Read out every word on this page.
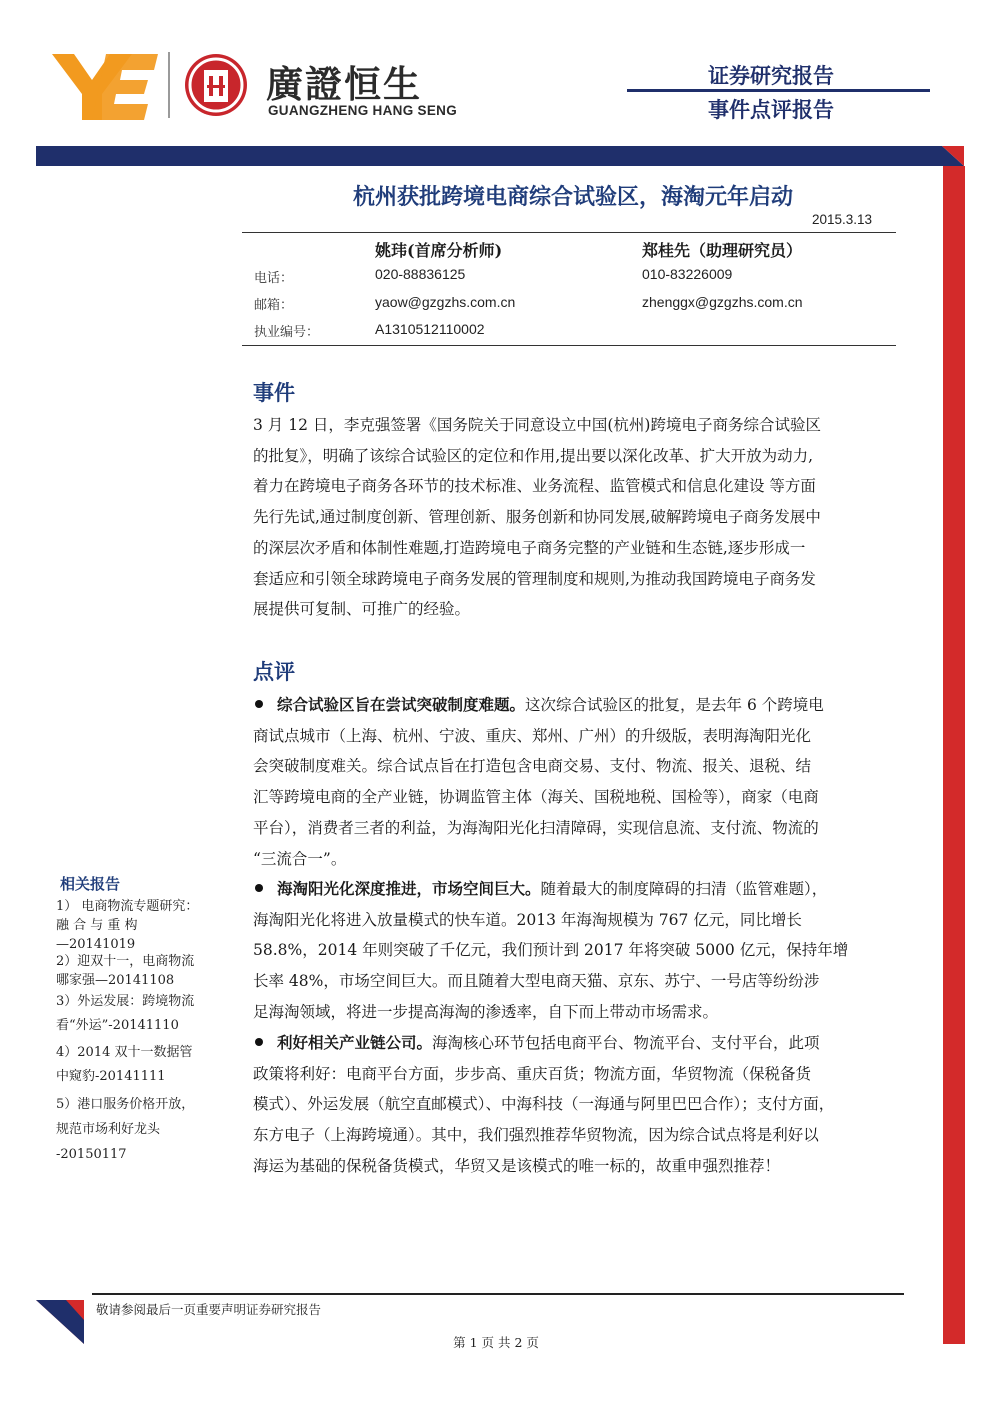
廣證恒生
GUANGZHENG HANG SENG
证券研究报告
事件点评报告
杭州获批跨境电商综合试验区，海淘元年启动
2015.3.13
姚玮(首席分析师)	郑桂先（助理研究员）
电话：	020-88836125	010-83226009
邮箱：	yaow@gzgzhs.com.cn	zhenggx@gzgzhs.com.cn
执业编号：	A1310512110002
事件

3 月 12 日，李克强签署《国务院关于同意设立中国(杭州)跨境电子商务综合试验区
的批复》，明确了该综合试验区的定位和作用,提出要以深化改革、扩大开放为动力,
着力在跨境电子商务各环节的技术标准、业务流程、监管模式和信息化建设 等方面
先行先试,通过制度创新、管理创新、服务创新和协同发展,破解跨境电子商务发展中
的深层次矛盾和体制性难题,打造跨境电子商务完整的产业链和生态链,逐步形成一
套适应和引领全球跨境电子商务发展的管理制度和规则,为推动我国跨境电子商务发
展提供可复制、可推广的经验。

点评

综合试验区旨在尝试突破制度难题。这次综合试验区的批复，是去年 6 个跨境电
商试点城市（上海、杭州、宁波、重庆、郑州、广州）的升级版，表明海淘阳光化
会突破制度难关。综合试点旨在打造包含电商交易、支付、物流、报关、退税、结
汇等跨境电商的全产业链，协调监管主体（海关、国税地税、国检等），商家（电商
平台），消费者三者的利益，为海淘阳光化扫清障碍，实现信息流、支付流、物流的
“三流合一”。

海淘阳光化深度推进，市场空间巨大。随着最大的制度障碍的扫清（监管难题），
海淘阳光化将进入放量模式的快车道。2013 年海淘规模为 767 亿元，同比增长
58.8%，2014 年则突破了千亿元，我们预计到 2017 年将突破 5000 亿元，保持年增
长率 48%，市场空间巨大。而且随着大型电商天猫、京东、苏宁、一号店等纷纷涉
足海淘领域，将进一步提高海淘的渗透率，自下而上带动市场需求。

利好相关产业链公司。海淘核心环节包括电商平台、物流平台、支付平台，此项
政策将利好：电商平台方面，步步高、重庆百货；物流方面，华贸物流（保税备货
模式）、外运发展（航空直邮模式）、中海科技（一海通与阿里巴巴合作）；支付方面，
东方电子（上海跨境通）。其中，我们强烈推荐华贸物流，因为综合试点将是利好以
海运为基础的保税备货模式，华贸又是该模式的唯一标的，故重申强烈推荐！

相关报告
1） 电商物流专题研究：
融 合 与 重 构
—20141019
2）迎双十一，电商物流
哪家强—20141108
3）外运发展：跨境物流
看“外运”-20141110
4）2014 双十一数据管
中窥豹-20141111
5）港口服务价格开放，
规范市场利好龙头
-20150117
敬请参阅最后一页重要声明证券研究报告
第 1 页 共 2 页
